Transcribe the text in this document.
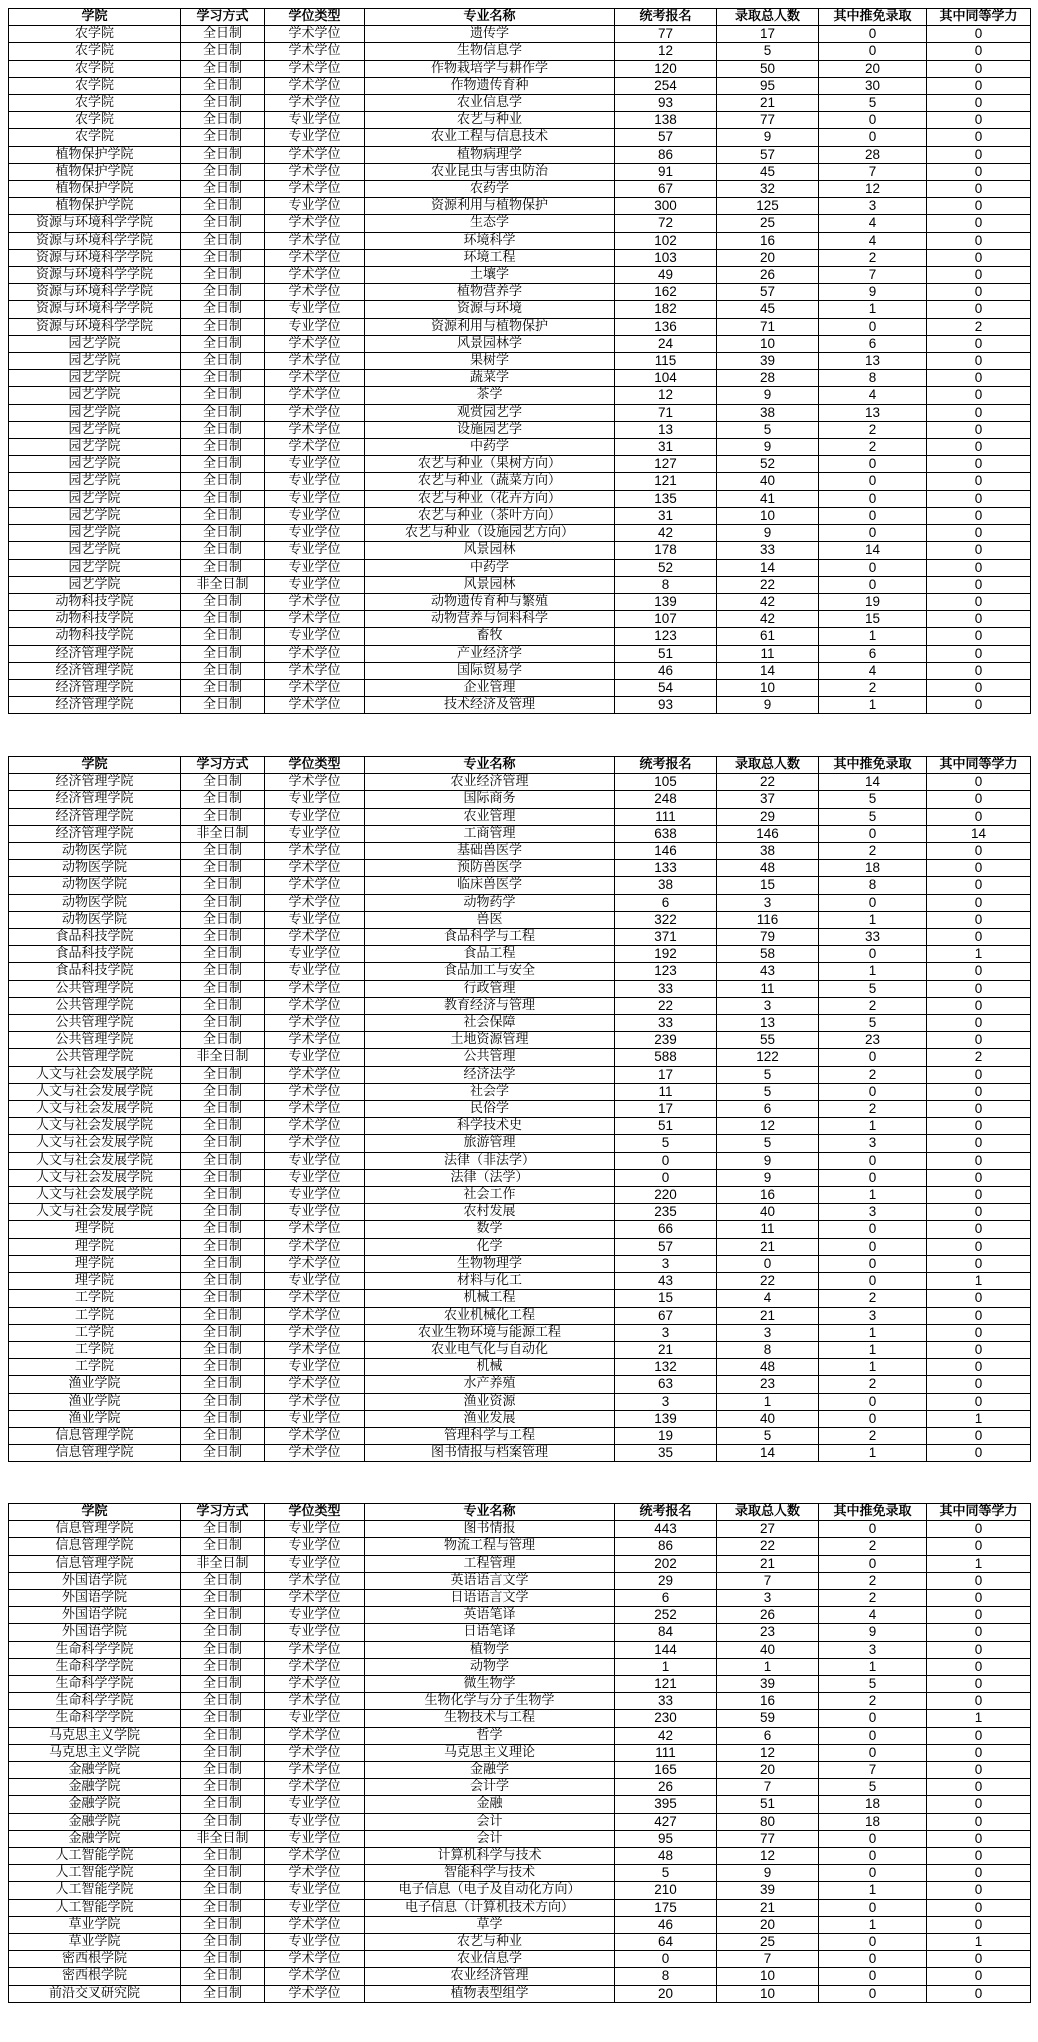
学院	学习方式	学位类型	专业名称	统考报名	录取总人数	其中推免录取	其中同等学力
农学院	全日制	学术学位	遗传学	77	17	0	0
农学院	全日制	学术学位	生物信息学	12	5	0	0
农学院	全日制	学术学位	作物栽培学与耕作学	120	50	20	0
农学院	全日制	学术学位	作物遗传育种	254	95	30	0
农学院	全日制	学术学位	农业信息学	93	21	5	0
农学院	全日制	专业学位	农艺与种业	138	77	0	0
农学院	全日制	专业学位	农业工程与信息技术	57	9	0	0
植物保护学院	全日制	学术学位	植物病理学	86	57	28	0
植物保护学院	全日制	学术学位	农业昆虫与害虫防治	91	45	7	0
植物保护学院	全日制	学术学位	农药学	67	32	12	0
植物保护学院	全日制	专业学位	资源利用与植物保护	300	125	3	0
资源与环境科学学院	全日制	学术学位	生态学	72	25	4	0
资源与环境科学学院	全日制	学术学位	环境科学	102	16	4	0
资源与环境科学学院	全日制	学术学位	环境工程	103	20	2	0
资源与环境科学学院	全日制	学术学位	土壤学	49	26	7	0
资源与环境科学学院	全日制	学术学位	植物营养学	162	57	9	0
资源与环境科学学院	全日制	专业学位	资源与环境	182	45	1	0
资源与环境科学学院	全日制	专业学位	资源利用与植物保护	136	71	0	2
园艺学院	全日制	学术学位	风景园林学	24	10	6	0
园艺学院	全日制	学术学位	果树学	115	39	13	0
园艺学院	全日制	学术学位	蔬菜学	104	28	8	0
园艺学院	全日制	学术学位	茶学	12	9	4	0
园艺学院	全日制	学术学位	观赏园艺学	71	38	13	0
园艺学院	全日制	学术学位	设施园艺学	13	5	2	0
园艺学院	全日制	学术学位	中药学	31	9	2	0
园艺学院	全日制	专业学位	农艺与种业（果树方向）	127	52	0	0
园艺学院	全日制	专业学位	农艺与种业（蔬菜方向）	121	40	0	0
园艺学院	全日制	专业学位	农艺与种业（花卉方向）	135	41	0	0
园艺学院	全日制	专业学位	农艺与种业（茶叶方向）	31	10	0	0
园艺学院	全日制	专业学位	农艺与种业（设施园艺方向）	42	9	0	0
园艺学院	全日制	专业学位	风景园林	178	33	14	0
园艺学院	全日制	专业学位	中药学	52	14	0	0
园艺学院	非全日制	专业学位	风景园林	8	22	0	0
动物科技学院	全日制	学术学位	动物遗传育种与繁殖	139	42	19	0
动物科技学院	全日制	学术学位	动物营养与饲料科学	107	42	15	0
动物科技学院	全日制	专业学位	畜牧	123	61	1	0
经济管理学院	全日制	学术学位	产业经济学	51	11	6	0
经济管理学院	全日制	学术学位	国际贸易学	46	14	4	0
经济管理学院	全日制	学术学位	企业管理	54	10	2	0
经济管理学院	全日制	学术学位	技术经济及管理	93	9	1	0
学院	学习方式	学位类型	专业名称	统考报名	录取总人数	其中推免录取	其中同等学力
经济管理学院	全日制	学术学位	农业经济管理	105	22	14	0
经济管理学院	全日制	专业学位	国际商务	248	37	5	0
经济管理学院	全日制	专业学位	农业管理	111	29	5	0
经济管理学院	非全日制	专业学位	工商管理	638	146	0	14
动物医学院	全日制	学术学位	基础兽医学	146	38	2	0
动物医学院	全日制	学术学位	预防兽医学	133	48	18	0
动物医学院	全日制	学术学位	临床兽医学	38	15	8	0
动物医学院	全日制	学术学位	动物药学	6	3	0	0
动物医学院	全日制	专业学位	兽医	322	116	1	0
食品科技学院	全日制	学术学位	食品科学与工程	371	79	33	0
食品科技学院	全日制	专业学位	食品工程	192	58	0	1
食品科技学院	全日制	专业学位	食品加工与安全	123	43	1	0
公共管理学院	全日制	学术学位	行政管理	33	11	5	0
公共管理学院	全日制	学术学位	教育经济与管理	22	3	2	0
公共管理学院	全日制	学术学位	社会保障	33	13	5	0
公共管理学院	全日制	学术学位	土地资源管理	239	55	23	0
公共管理学院	非全日制	专业学位	公共管理	588	122	0	2
人文与社会发展学院	全日制	学术学位	经济法学	17	5	2	0
人文与社会发展学院	全日制	学术学位	社会学	11	5	0	0
人文与社会发展学院	全日制	学术学位	民俗学	17	6	2	0
人文与社会发展学院	全日制	学术学位	科学技术史	51	12	1	0
人文与社会发展学院	全日制	学术学位	旅游管理	5	5	3	0
人文与社会发展学院	全日制	专业学位	法律（非法学）	0	9	0	0
人文与社会发展学院	全日制	专业学位	法律（法学）	0	9	0	0
人文与社会发展学院	全日制	专业学位	社会工作	220	16	1	0
人文与社会发展学院	全日制	专业学位	农村发展	235	40	3	0
理学院	全日制	学术学位	数学	66	11	0	0
理学院	全日制	学术学位	化学	57	21	0	0
理学院	全日制	学术学位	生物物理学	3	0	0	0
理学院	全日制	专业学位	材料与化工	43	22	0	1
工学院	全日制	学术学位	机械工程	15	4	2	0
工学院	全日制	学术学位	农业机械化工程	67	21	3	0
工学院	全日制	学术学位	农业生物环境与能源工程	3	3	1	0
工学院	全日制	学术学位	农业电气化与自动化	21	8	1	0
工学院	全日制	专业学位	机械	132	48	1	0
渔业学院	全日制	学术学位	水产养殖	63	23	2	0
渔业学院	全日制	学术学位	渔业资源	3	1	0	0
渔业学院	全日制	专业学位	渔业发展	139	40	0	1
信息管理学院	全日制	学术学位	管理科学与工程	19	5	2	0
信息管理学院	全日制	学术学位	图书情报与档案管理	35	14	1	0
学院	学习方式	学位类型	专业名称	统考报名	录取总人数	其中推免录取	其中同等学力
信息管理学院	全日制	专业学位	图书情报	443	27	0	0
信息管理学院	全日制	专业学位	物流工程与管理	86	22	2	0
信息管理学院	非全日制	专业学位	工程管理	202	21	0	1
外国语学院	全日制	学术学位	英语语言文学	29	7	2	0
外国语学院	全日制	学术学位	日语语言文学	6	3	2	0
外国语学院	全日制	专业学位	英语笔译	252	26	4	0
外国语学院	全日制	专业学位	日语笔译	84	23	9	0
生命科学学院	全日制	学术学位	植物学	144	40	3	0
生命科学学院	全日制	学术学位	动物学	1	1	1	0
生命科学学院	全日制	学术学位	微生物学	121	39	5	0
生命科学学院	全日制	学术学位	生物化学与分子生物学	33	16	2	0
生命科学学院	全日制	专业学位	生物技术与工程	230	59	0	1
马克思主义学院	全日制	学术学位	哲学	42	6	0	0
马克思主义学院	全日制	学术学位	马克思主义理论	111	12	0	0
金融学院	全日制	学术学位	金融学	165	20	7	0
金融学院	全日制	学术学位	会计学	26	7	5	0
金融学院	全日制	专业学位	金融	395	51	18	0
金融学院	全日制	专业学位	会计	427	80	18	0
金融学院	非全日制	专业学位	会计	95	77	0	0
人工智能学院	全日制	学术学位	计算机科学与技术	48	12	0	0
人工智能学院	全日制	学术学位	智能科学与技术	5	9	0	0
人工智能学院	全日制	专业学位	电子信息（电子及自动化方向）	210	39	1	0
人工智能学院	全日制	专业学位	电子信息（计算机技术方向）	175	21	0	0
草业学院	全日制	学术学位	草学	46	20	1	0
草业学院	全日制	专业学位	农艺与种业	64	25	0	1
密西根学院	全日制	学术学位	农业信息学	0	7	0	0
密西根学院	全日制	学术学位	农业经济管理	8	10	0	0
前沿交叉研究院	全日制	学术学位	植物表型组学	20	10	0	0
